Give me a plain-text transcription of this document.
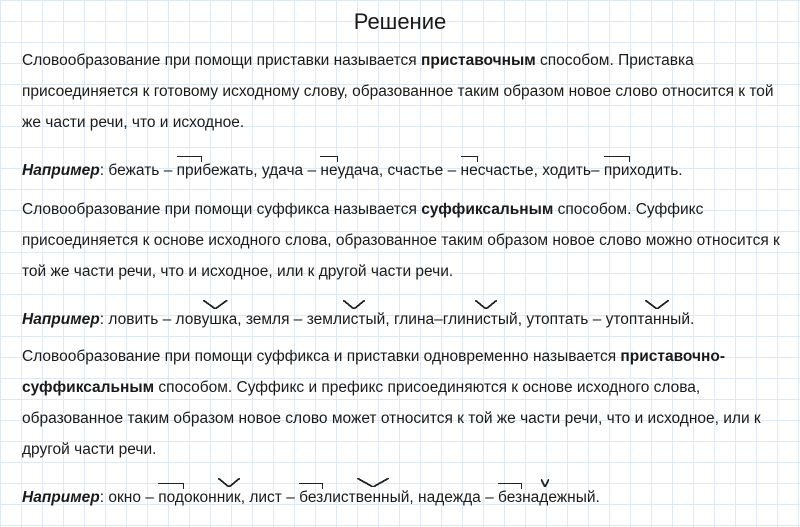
Решение

Словообразование при помощи приставки называется приставочным способом. Приставка присоединяется к готовому исходному слову, образованное таким образом новое слово относится к той же части речи, что и исходное.

Например: бежать – прибежать, удача – неудача, счастье – несчастье, ходить– приходить.

Словообразование при помощи суффикса называется суффиксальным способом. Суффикс присоединяется к основе исходного слова, образованное таким образом новое слово можно относится к той же части речи, что и исходное, или к другой части речи.

Например: ловить – ловушка, земля – землистый, глина–глинистый, утоптать – утоптанный.

Словообразование при помощи суффикса и приставки одновременно называется приставочно-суффиксальным способом. Суффикс и префикс присоединяются к основе исходного слова, образованное таким образом новое слово может относится к той же части речи, что и исходное, или к другой части речи.

Например: окно – подоконник, лист – безлиственный, надежда – безнадежный.
